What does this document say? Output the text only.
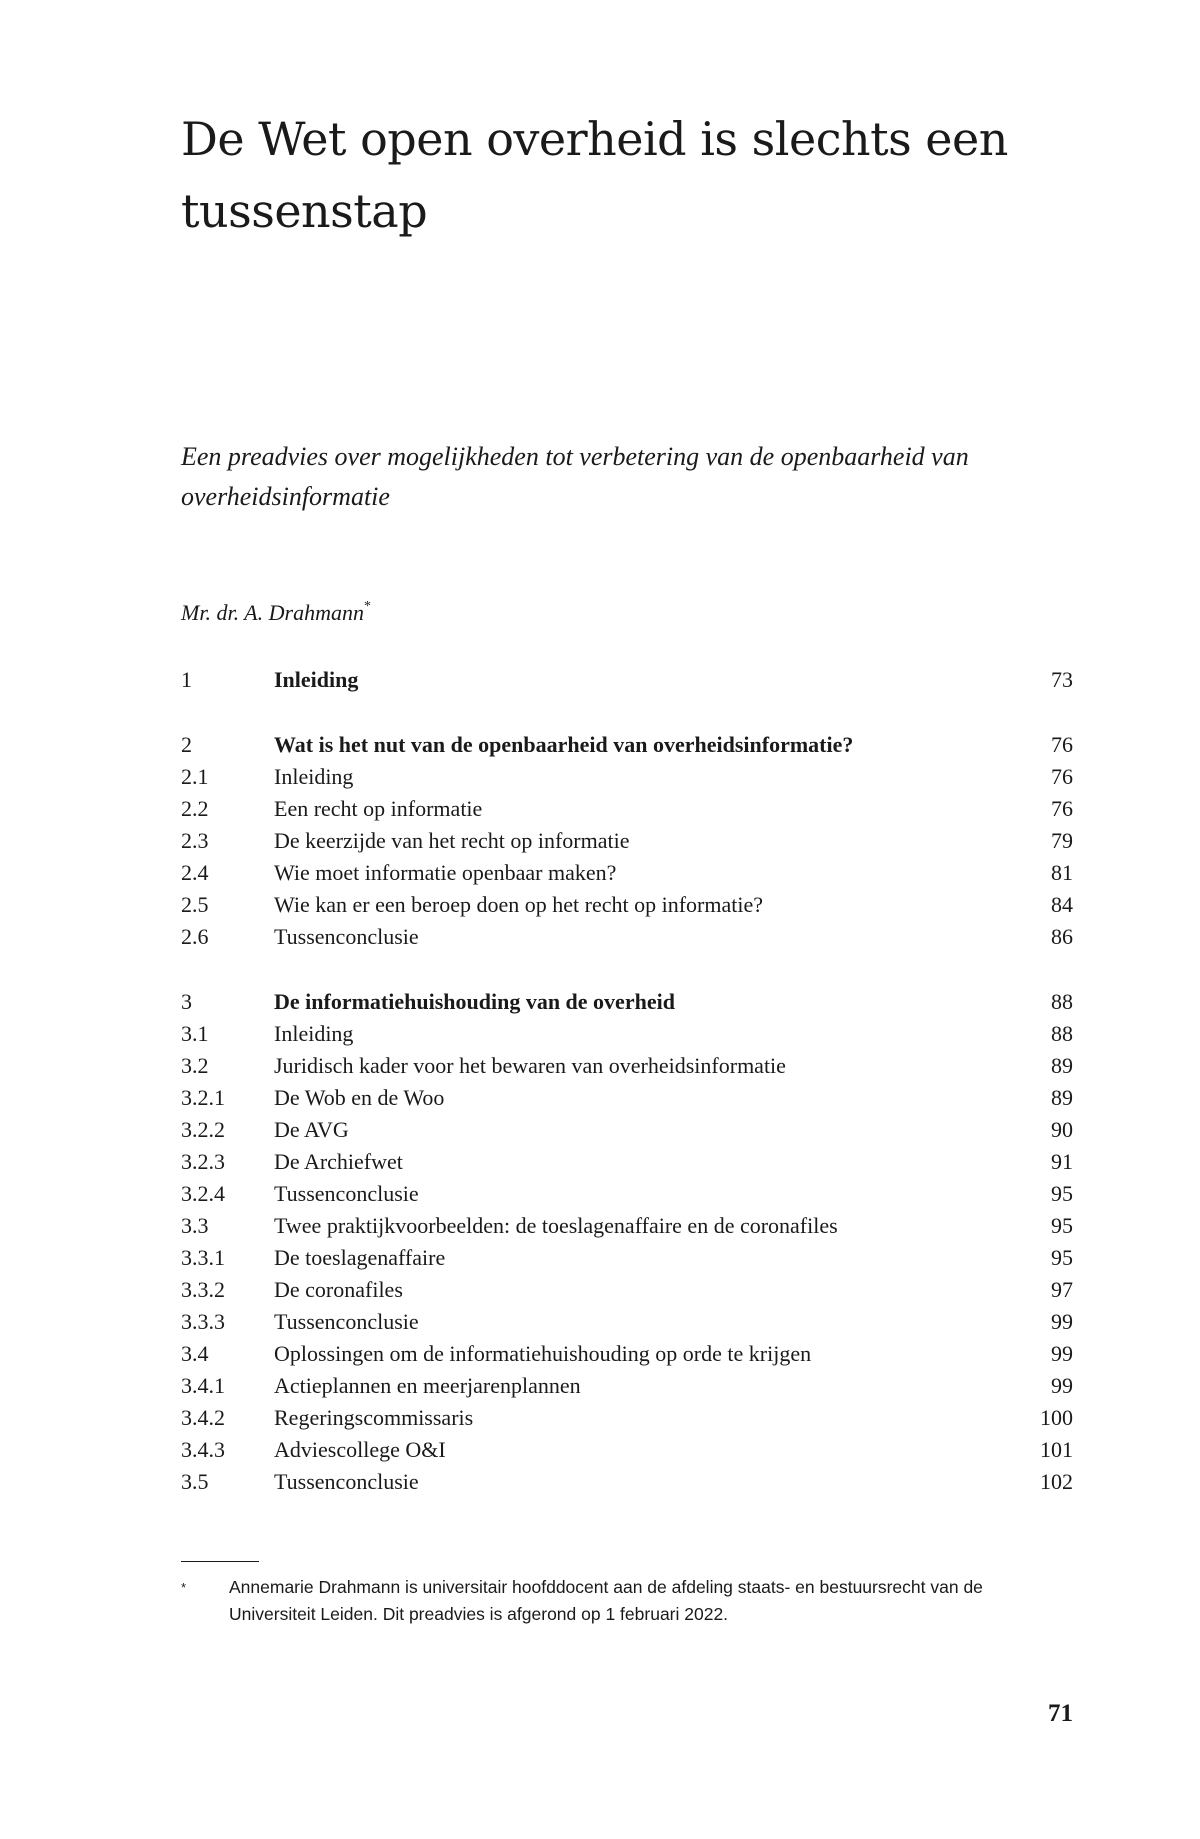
De Wet open overheid is slechts een tussenstap

Een preadvies over mogelijkheden tot verbetering van de openbaarheid van overheidsinformatie

Mr. dr. A. Drahmann*

1	Inleiding	73
2	Wat is het nut van de openbaarheid van overheidsinformatie?	76
2.1	Inleiding	76
2.2	Een recht op informatie	76
2.3	De keerzijde van het recht op informatie	79
2.4	Wie moet informatie openbaar maken?	81
2.5	Wie kan er een beroep doen op het recht op informatie?	84
2.6	Tussenconclusie	86
3	De informatiehuishouding van de overheid	88
3.1	Inleiding	88
3.2	Juridisch kader voor het bewaren van overheidsinformatie	89
3.2.1	De Wob en de Woo	89
3.2.2	De AVG	90
3.2.3	De Archiefwet	91
3.2.4	Tussenconclusie	95
3.3	Twee praktijkvoorbeelden: de toeslagenaffaire en de coronafiles	95
3.3.1	De toeslagenaffaire	95
3.3.2	De coronafiles	97
3.3.3	Tussenconclusie	99
3.4	Oplossingen om de informatiehuishouding op orde te krijgen	99
3.4.1	Actieplannen en meerjarenplannen	99
3.4.2	Regeringscommissaris	100
3.4.3	Adviescollege O&I	101
3.5	Tussenconclusie	102
* Annemarie Drahmann is universitair hoofddocent aan de afdeling staats- en bestuursrecht van de Universiteit Leiden. Dit preadvies is afgerond op 1 februari 2022.
71
